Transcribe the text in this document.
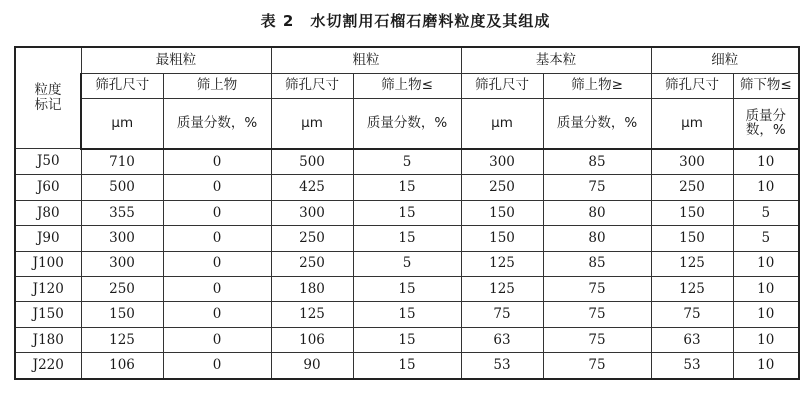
表 2　水切割用石榴石磨料粒度及其组成
粒度
标记	最粗粒		粗粒		基本粒		细粒	
	筛孔尺寸	筛上物	筛孔尺寸	筛上物≤	筛孔尺寸	筛上物≥	筛孔尺寸	筛下物≤
	μm	质量分数，%	μm	质量分数，%	μm	质量分数，%	μm	质量分数，%
J50	710	0	500	5	300	85	300	10
J60	500	0	425	15	250	75	250	10
J80	355	0	300	15	150	80	150	5
J90	300	0	250	15	150	80	150	5
J100	300	0	250	5	125	85	125	10
J120	250	0	180	15	125	75	125	10
J150	150	0	125	15	75	75	75	10
J180	125	0	106	15	63	75	63	10
J220	106	0	90	15	53	75	53	10
